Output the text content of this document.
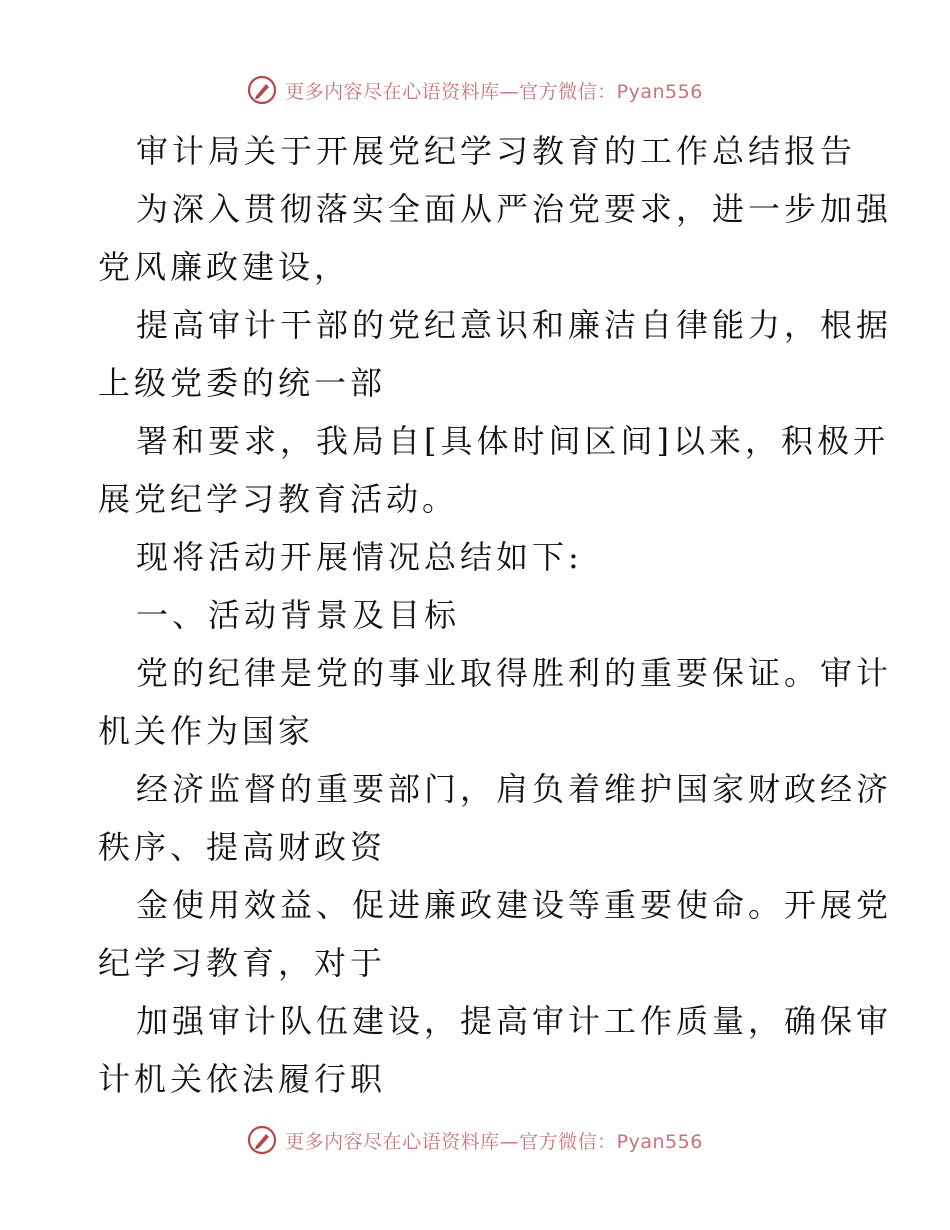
更多内容尽在心语资料库—官方微信：Pyan556
审计局关于开展党纪学习教育的工作总结报告
为深入贯彻落实全面从严治党要求，进一步加强
党风廉政建设，
提高审计干部的党纪意识和廉洁自律能力，根据
上级党委的统一部
署和要求，我局自[具体时间区间]以来，积极开
展党纪学习教育活动。
现将活动开展情况总结如下:
一、活动背景及目标
党的纪律是党的事业取得胜利的重要保证。审计
机关作为国家
经济监督的重要部门，肩负着维护国家财政经济
秩序、提高财政资
金使用效益、促进廉政建设等重要使命。开展党
纪学习教育，对于
加强审计队伍建设，提高审计工作质量，确保审
计机关依法履行职
更多内容尽在心语资料库—官方微信：Pyan556
